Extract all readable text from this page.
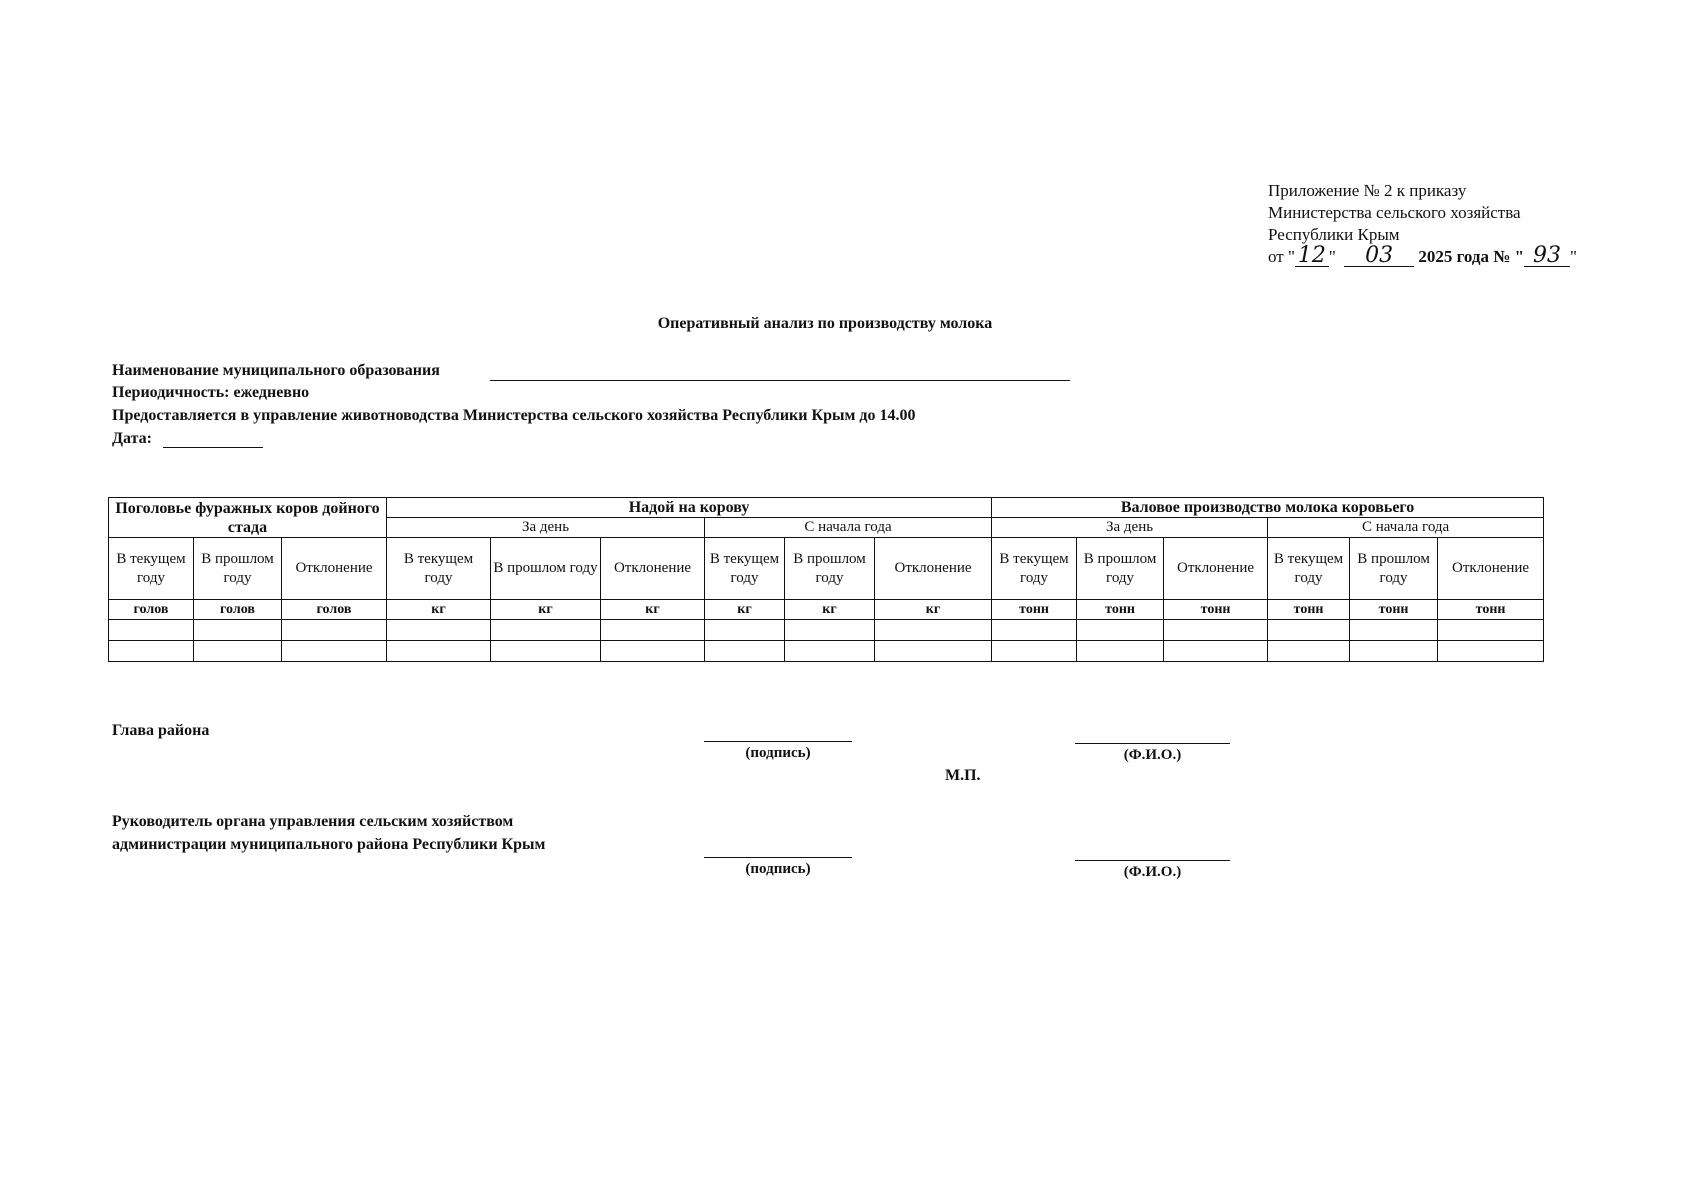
Приложение № 2 к приказу
Министерства сельского хозяйства
Республики Крым
от " 12 " 03 2025 года № " 93 "
Оперативный анализ по производству молока
Наименование муниципального образования
Периодичность: ежедневно
Предоставляется в управление животноводства Министерства сельского хозяйства Республики Крым до 14.00
Дата:
Поголовье фуражных коров дойного стада			Надой на корову						Валовое производство молока коровьего					
			За день			С начала года			За день			С начала года		
В текущем году	В прошлом году	Отклонение	В текущем году	В прошлом году	Отклонение	В текущем году	В прошлом году	Отклонение	В текущем году	В прошлом году	Отклонение	В текущем году	В прошлом году	Отклонение
голов	голов	голов	кг	кг	кг	кг	кг	кг	тонн	тонн	тонн	тонн	тонн	тонн

Глава района
(подпись)	(Ф.И.О.)
М.П.
Руководитель органа управления сельским хозяйством
администрации муниципального района Республики Крым
(подпись)	(Ф.И.О.)
